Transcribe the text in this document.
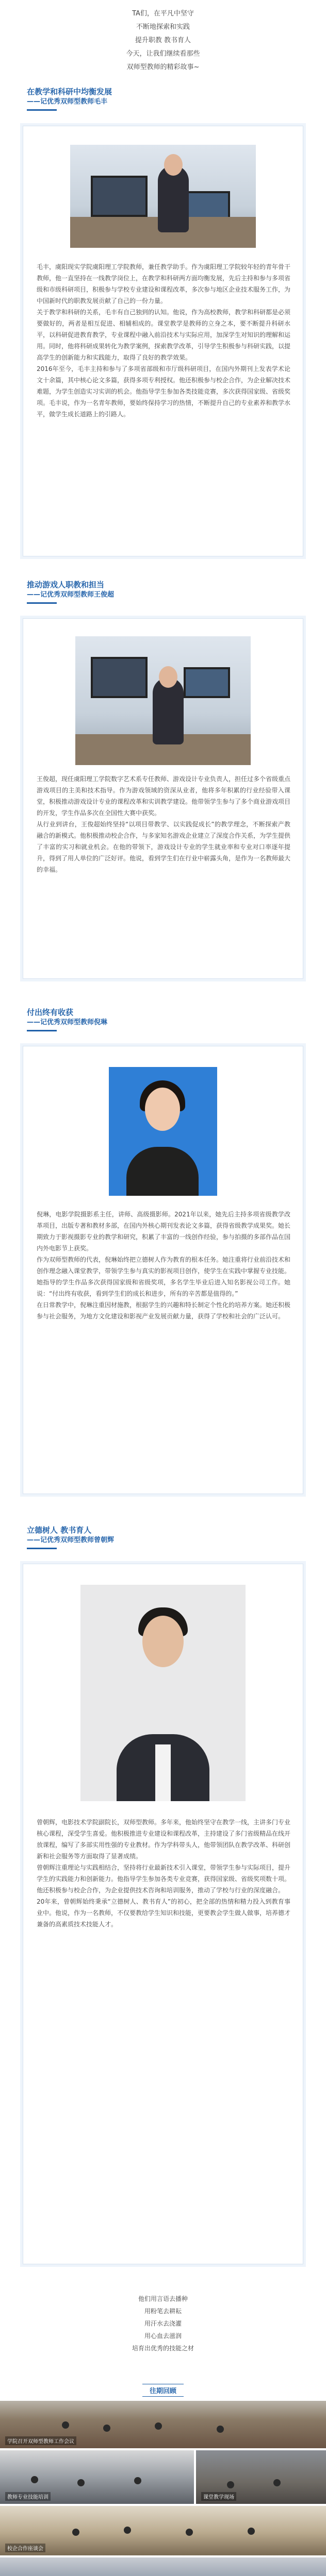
TA们，在平凡中坚守
不断地探索和实践
提升职教 教书育人
今天，让我们继续看那些
双师型教师的精彩故事~
在教学和科研中均衡发展
——记优秀双师型教师毛丰
毛丰，虞阳现实学院虞阳理工学院教师，兼任教学助手。作为虞阳理工学院较年轻的青年骨干教师，他一直坚持在一线教学岗位上，在教学和科研两方面均衡发展，先后主持和参与多项省级和市级科研项目，积极参与学校专业建设和课程改革，多次参与地区企业技术服务工作，为中国新时代的职教发展贡献了自己的一份力量。
关于教学和科研的关系，毛丰有自己独到的认知。他说，作为高校教师，教学和科研都是必须要做好的，两者是相互促进、相辅相成的。课堂教学是教师的立身之本，要不断提升科研水平，以科研促进教育教学，专业课程中融入前沿技术与实际应用，加深学生对知识的理解和运用。同时，他将科研成果转化为教学案例，探索教学改革，引导学生积极参与科研实践，以提高学生的创新能力和实践能力，取得了良好的教学效果。
2016年至今，毛丰主持和参与了多项省部级和市厅级科研项目，在国内外期刊上发表学术论文十余篇，其中核心论文多篇，获得多项专利授权。他还积极参与校企合作，为企业解决技术难题，为学生创造实习实训的机会。他指导学生参加各类技能竞赛，多次获得国家级、省级奖项。毛丰说，作为一名青年教师，要始终保持学习的热情，不断提升自己的专业素养和教学水平，做学生成长道路上的引路人。
推动游戏人职教和担当
——记优秀双师型教师王俊超
王俊超，现任虞阳理工学院数字艺术系专任教师、游戏设计专业负责人，担任过多个省级重点游戏项目的主美和技术指导。作为游戏领域的资深从业者，他将多年积累的行业经验带入课堂，积极推动游戏设计专业的课程改革和实训教学建设。他带领学生参与了多个商业游戏项目的开发，学生作品多次在全国性大赛中获奖。
从行业到讲台，王俊超始终坚持“以项目带教学、以实践促成长”的教学理念，不断探索产教融合的新模式。他积极推动校企合作，与多家知名游戏企业建立了深度合作关系，为学生提供了丰富的实习和就业机会。在他的带领下，游戏设计专业的学生就业率和专业对口率逐年提升，得到了用人单位的广泛好评。他说，看到学生们在行业中崭露头角，是作为一名教师最大的幸福。
付出终有收获
——记优秀双师型教师倪琳
倪琳，电影学院摄影系主任，讲师、高级摄影师。2021年以来，她先后主持多项省级教学改革项目，出版专著和教材多部，在国内外核心期刊发表论文多篇，获得省级教学成果奖。她长期致力于影视摄影专业的教学和研究，积累了丰富的一线创作经验，参与拍摄的多部作品在国内外电影节上获奖。
作为双师型教师的代表，倪琳始终把立德树人作为教育的根本任务。她注重将行业前沿技术和创作理念融入课堂教学，带领学生参与真实的影视项目创作，使学生在实践中掌握专业技能。她指导的学生作品多次获得国家级和省级奖项，多名学生毕业后进入知名影视公司工作。她说：“付出终有收获，看到学生们的成长和进步，所有的辛苦都是值得的。”
在日常教学中，倪琳注重因材施教，根据学生的兴趣和特长制定个性化的培养方案。她还积极参与社会服务，为地方文化建设和影视产业发展贡献力量，获得了学校和社会的广泛认可。
立德树人 教书育人
——记优秀双师型教师曾朝辉
曾朝辉，电影技术学院副院长，双师型教师。多年来，他始终坚守在教学一线，主讲多门专业核心课程，深受学生喜爱。他积极推进专业建设和课程改革，主持建设了多门省级精品在线开放课程，编写了多部实用性强的专业教材。作为学科带头人，他带领团队在教学改革、科研创新和社会服务等方面取得了显著成绩。
曾朝辉注重理论与实践相结合，坚持将行业最新技术引入课堂，带领学生参与实际项目，提升学生的实践能力和创新能力。他指导学生参加各类专业竞赛，获得国家级、省级奖项数十项。他还积极参与校企合作，为企业提供技术咨询和培训服务，推动了学校与行业的深度融合。
20年来，曾朝辉始终秉承“立德树人、教书育人”的初心，把全部的热情和精力投入到教育事业中。他说，作为一名教师，不仅要教给学生知识和技能，更要教会学生做人做事，培养德才兼备的高素质技术技能人才。
他们用言语去播种
用粉笔去耕耘
用汗水去浇灌
用心血去滋润
培育出优秀的技能之材
往期回顾
学院召开双师型教师工作会议
教师专业技能培训	课堂教学现场
校企合作座谈会
